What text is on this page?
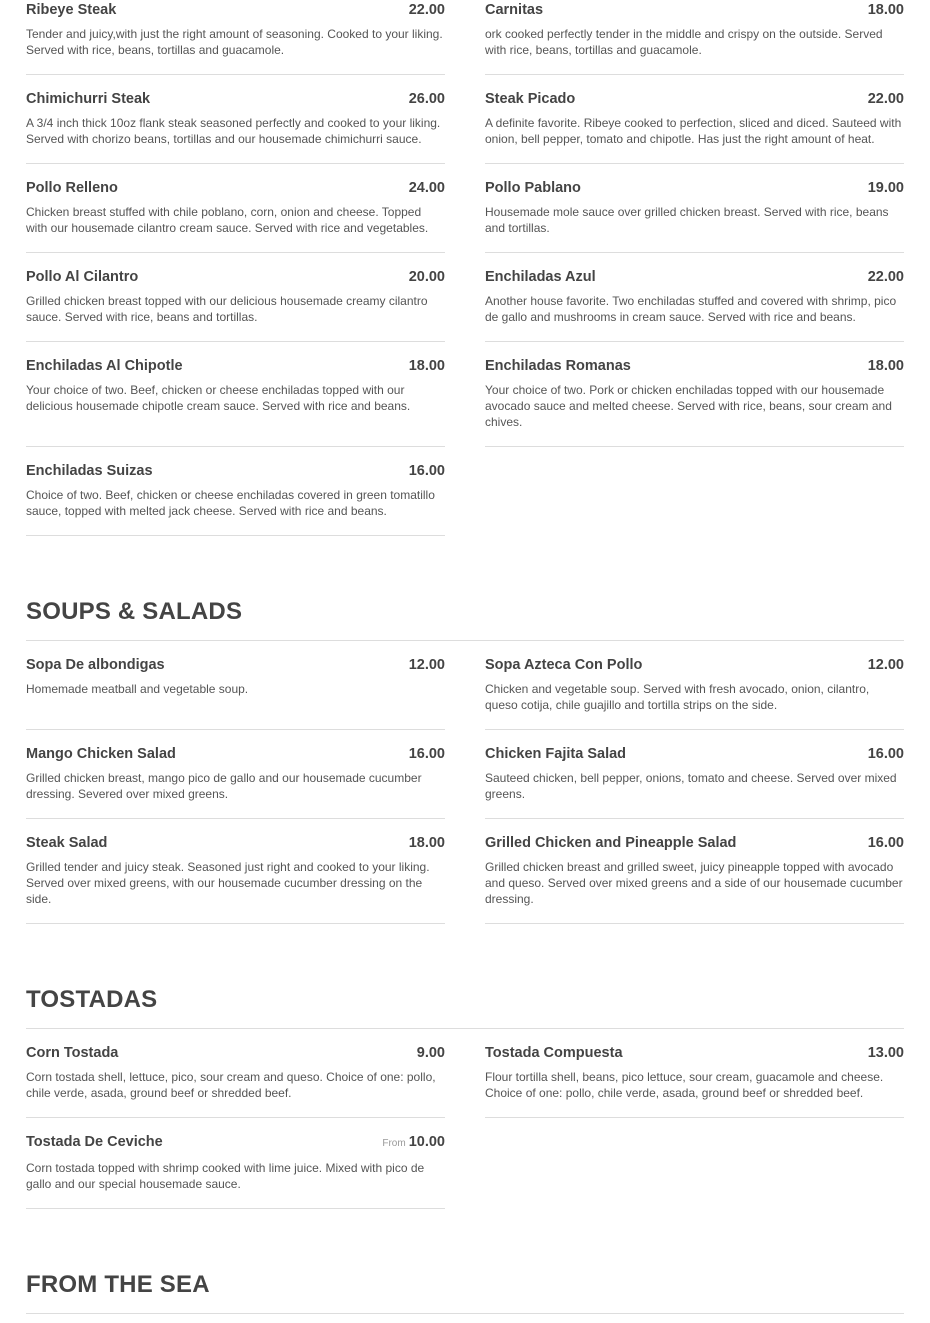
Ribeye Steak	22.00
Tender and juicy,with just the right amount of seasoning. Cooked to your liking. Served with rice, beans, tortillas and guacamole.
Carnitas	18.00
ork cooked perfectly tender in the middle and crispy on the outside. Served with rice, beans, tortillas and guacamole.
Chimichurri Steak	26.00
A 3/4 inch thick 10oz flank steak seasoned perfectly and cooked to your liking. Served with chorizo beans, tortillas and our housemade chimichurri sauce.
Steak Picado	22.00
A definite favorite. Ribeye cooked to perfection, sliced and diced. Sauteed with onion, bell pepper, tomato and chipotle. Has just the right amount of heat.
Pollo Relleno	24.00
Chicken breast stuffed with chile poblano, corn, onion and cheese. Topped with our housemade cilantro cream sauce. Served with rice and vegetables.
Pollo Pablano	19.00
Housemade mole sauce over grilled chicken breast. Served with rice, beans and tortillas.
Pollo Al Cilantro	20.00
Grilled chicken breast topped with our delicious housemade creamy cilantro sauce. Served with rice, beans and tortillas.
Enchiladas Azul	22.00
Another house favorite. Two enchiladas stuffed and covered with shrimp, pico de gallo and mushrooms in cream sauce. Served with rice and beans.
Enchiladas Al Chipotle	18.00
Your choice of two. Beef, chicken or cheese enchiladas topped with our delicious housemade chipotle cream sauce. Served with rice and beans.
Enchiladas Romanas	18.00
Your choice of two. Pork or chicken enchiladas topped with our housemade avocado sauce and melted cheese. Served with rice, beans, sour cream and chives.
Enchiladas Suizas	16.00
Choice of two. Beef, chicken or cheese enchiladas covered in green tomatillo sauce, topped with melted jack cheese. Served with rice and beans.
SOUPS & SALADS
Sopa De albondigas	12.00
Homemade meatball and vegetable soup.
Sopa Azteca Con Pollo	12.00
Chicken and vegetable soup. Served with fresh avocado, onion, cilantro, queso cotija, chile guajillo and tortilla strips on the side.
Mango Chicken Salad	16.00
Grilled chicken breast, mango pico de gallo and our housemade cucumber dressing. Severed over mixed greens.
Chicken Fajita Salad	16.00
Sauteed chicken, bell pepper, onions, tomato and cheese. Served over mixed greens.
Steak Salad	18.00
Grilled tender and juicy steak. Seasoned just right and cooked to your liking. Served over mixed greens, with our housemade cucumber dressing on the side.
Grilled Chicken and Pineapple Salad	16.00
Grilled chicken breast and grilled sweet, juicy pineapple topped with avocado and queso. Served over mixed greens and a side of our housemade cucumber dressing.
TOSTADAS
Corn Tostada	9.00
Corn tostada shell, lettuce, pico, sour cream and queso. Choice of one: pollo, chile verde, asada, ground beef or shredded beef.
Tostada Compuesta	13.00
Flour tortilla shell, beans, pico lettuce, sour cream, guacamole and cheese. Choice of one: pollo, chile verde, asada, ground beef or shredded beef.
Tostada De Ceviche	From 10.00
Corn tostada topped with shrimp cooked with lime juice. Mixed with pico de gallo and our special housemade sauce.
FROM THE SEA
